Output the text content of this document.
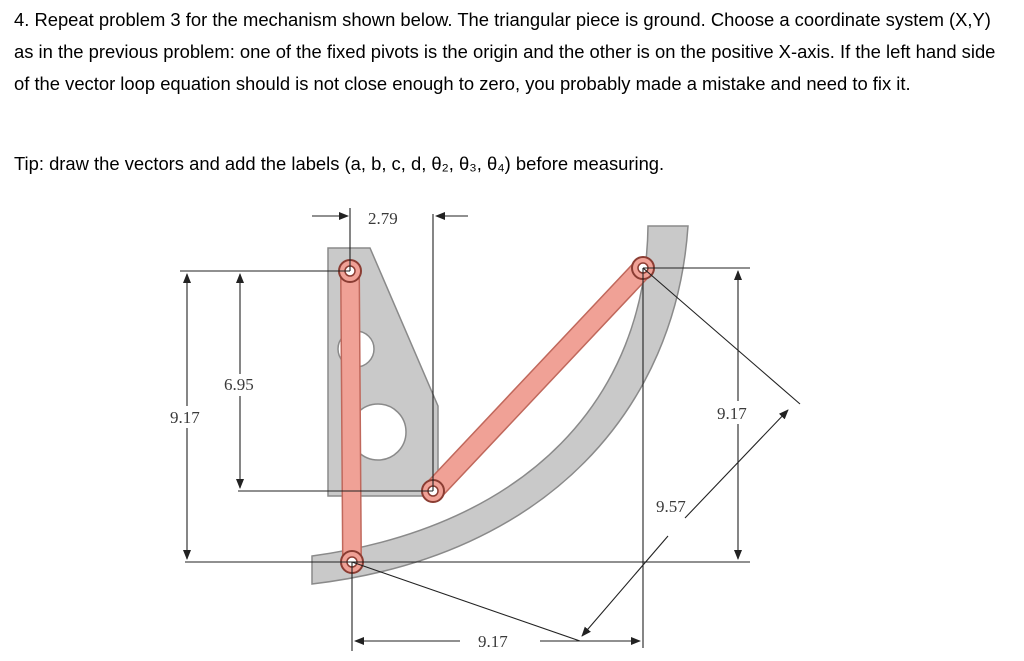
4. Repeat problem 3 for the mechanism shown below. The triangular piece is ground. Choose a coordinate system (X,Y) as in the previous problem: one of the fixed pivots is the origin and the other is on the positive X-axis. If the left hand side of the vector loop equation should is not close enough to zero, you probably made a mistake and need to fix it.

Tip: draw the vectors and add the labels (a, b, c, d, θ₂, θ₃, θ₄) before measuring.

2.79
6.95
9.17	9.17
9.57
9.17
